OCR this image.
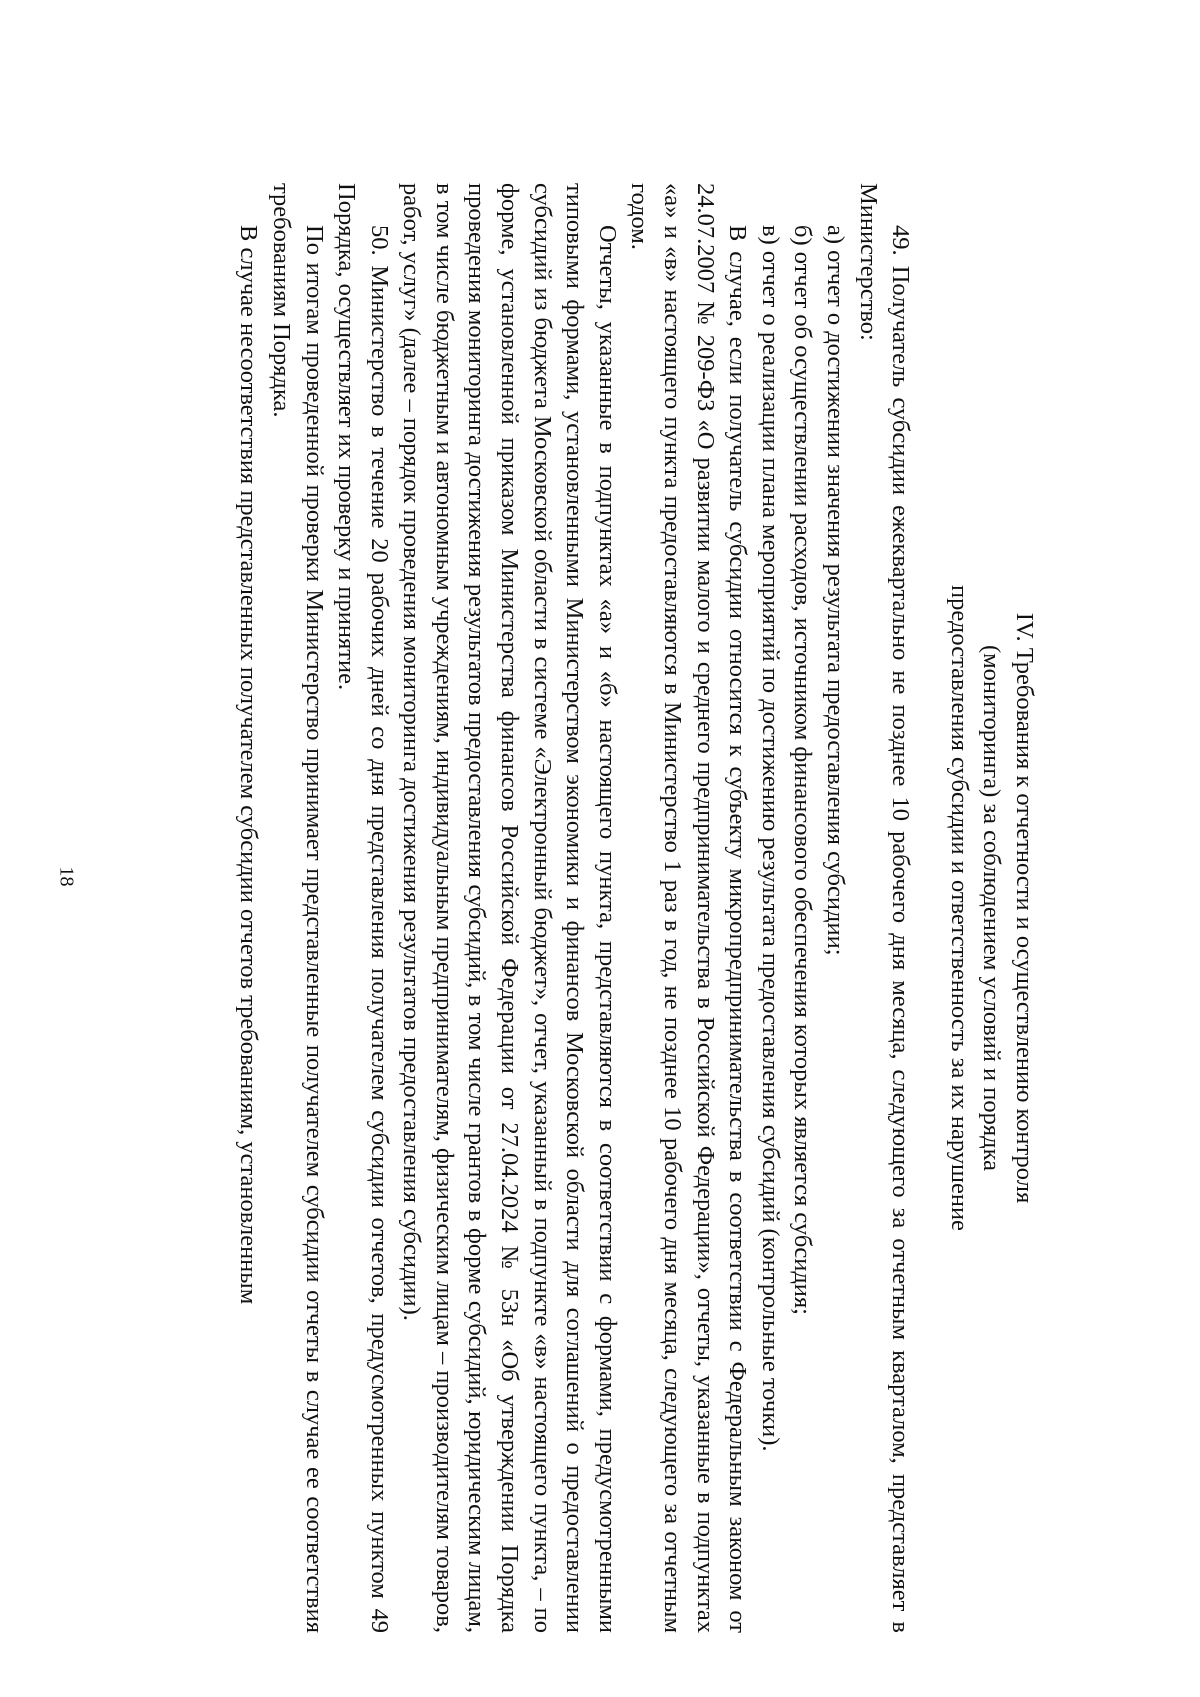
18	IV. Требования к отчетности и осуществлению контроля
(мониторинга) за соблюдением условий и порядка
предоставления субсидии и ответственность за их нарушение

49. Получатель субсидии ежеквартально не позднее 10 рабочего дня месяца, следующего за отчетным кварталом, представляет в Министерство:

а) отчет о достижении значения результата предоставления субсидии;

б) отчет об осуществлении расходов, источником финансового обеспечения которых является субсидия;

в) отчет о реализации плана мероприятий по достижению результата предоставления субсидий (контрольные точки).

В случае, если получатель субсидии относится к субъекту микропредпринимательства в соответствии с Федеральным законом от 24.07.2007 № 209-ФЗ «О развитии малого и среднего предпринимательства в Российской Федерации», отчеты, указанные в подпунктах «а» и «в» настоящего пункта предоставляются в Министерство 1 раз в год, не позднее 10 рабочего дня месяца, следующего за отчетным годом.

Отчеты, указанные в подпунктах «а» и «б» настоящего пункта, представляются в соответствии с формами, предусмотренными типовыми формами, установленными Министерством экономики и финансов Московской области для соглашений о предоставлении субсидий из бюджета Московской области в системе «Электронный бюджет», отчет, указанный в подпункте «в» настоящего пункта, – по форме, установленной приказом Министерства финансов Российской Федерации от 27.04.2024 № 53н «Об утверждении Порядка проведения мониторинга достижения результатов предоставления субсидий, в том числе грантов в форме субсидий, юридическим лицам, в том числе бюджетным и автономным учреждениям, индивидуальным предпринимателям, физическим лицам – производителям товаров, работ, услуг» (далее – порядок проведения мониторинга достижения результатов предоставления субсидии).

50. Министерство в течение 20 рабочих дней со дня представления получателем субсидии отчетов, предусмотренных пунктом 49 Порядка, осуществляет их проверку и принятие.

По итогам проведенной проверки Министерство принимает представленные получателем субсидии отчеты в случае ее соответствия требованиям Порядка.

В случае несоответствия представленных получателем субсидии отчетов требованиям, установленным
